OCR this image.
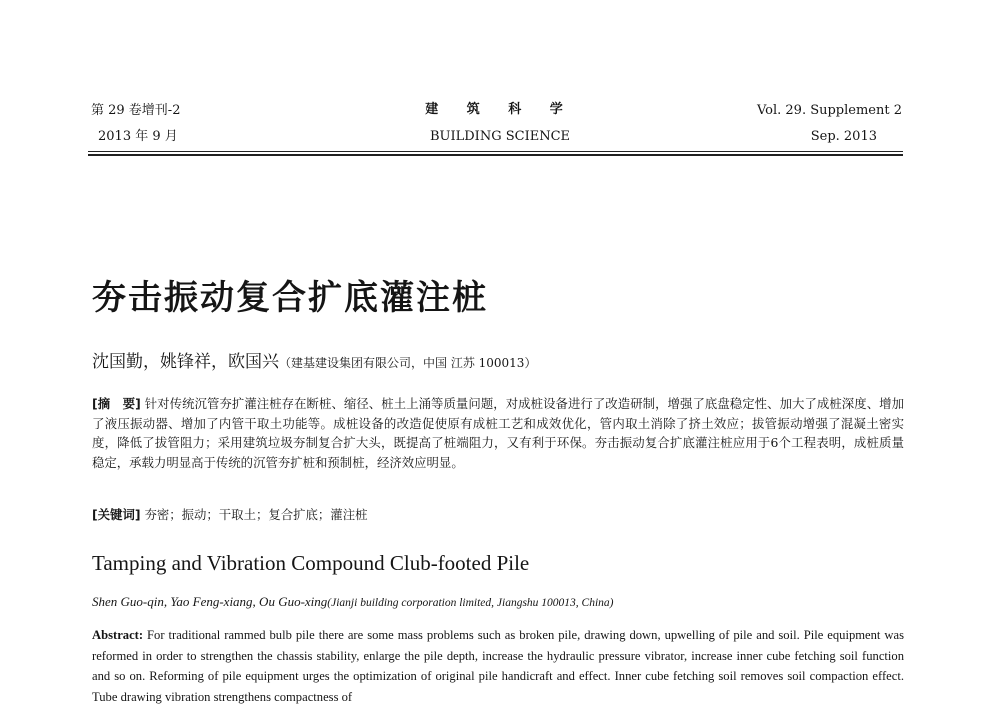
第 29 卷增刊-2
2013 年 9 月
建 筑 科 学
BUILDING SCIENCE
Vol. 29. Supplement 2
Sep. 2013
夯击振动复合扩底灌注桩
沈国勤，姚锋祥，欧国兴（建基建设集团有限公司，中国 江苏 100013）
[摘　要] 针对传统沉管夯扩灌注桩存在断桩、缩径、桩土上涌等质量问题，对成桩设备进行了改造研制，增强了底盘稳定性、加大了成桩深度、增加了液压振动器、增加了内管干取土功能等。成桩设备的改造促使原有成桩工艺和成效优化，管内取土消除了挤土效应；拔管振动增强了混凝土密实度，降低了拔管阻力；采用建筑垃圾夯制复合扩大头，既提高了桩端阻力，又有利于环保。夯击振动复合扩底灌注桩应用于6个工程表明，成桩质量稳定，承载力明显高于传统的沉管夯扩桩和预制桩，经济效应明显。
[关键词] 夯密；振动；干取土；复合扩底；灌注桩
Tamping and Vibration Compound Club-footed Pile
Shen Guo-qin, Yao Feng-xiang, Ou Guo-xing(Jianji building corporation limited, Jiangshu 100013, China)
Abstract: For traditional rammed bulb pile there are some mass problems such as broken pile, drawing down, upwelling of pile and soil. Pile equipment was reformed in order to strengthen the chassis stability, enlarge the pile depth, increase the hydraulic pressure vibrator, increase inner cube fetching soil function and so on. Reforming of pile equipment urges the optimization of original pile handicraft and effect. Inner cube fetching soil removes soil compaction effect. Tube drawing vibration strengthens compactness of
